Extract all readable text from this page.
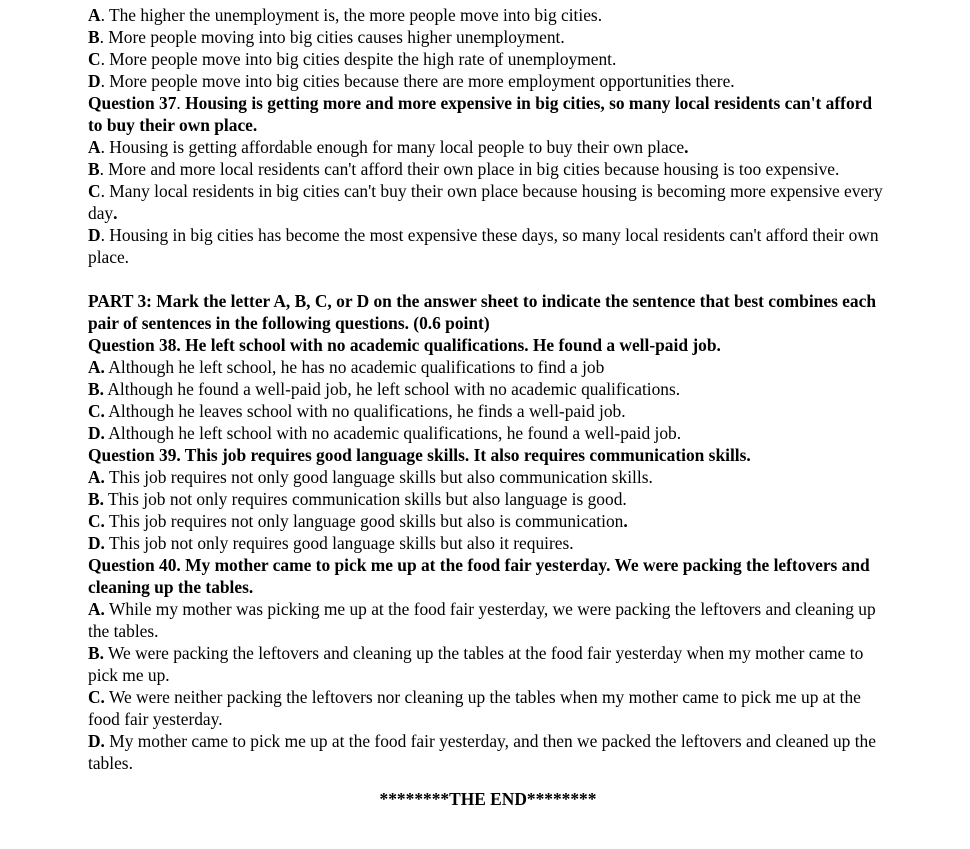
A. The higher the unemployment is, the more people move into big cities.

B. More people moving into big cities causes higher unemployment.

C. More people move into big cities despite the high rate of unemployment.

D. More people move into big cities because there are more employment opportunities there.

Question 37. Housing is getting more and more expensive in big cities, so many local residents can't afford to buy their own place.

A. Housing is getting affordable enough for many local people to buy their own place.

B. More and more local residents can't afford their own place in big cities because housing is too expensive.

C. Many local residents in big cities can't buy their own place because housing is becoming more expensive every day.

D. Housing in big cities has become the most expensive these days, so many local residents can't afford their own place.

PART 3: Mark the letter A, B, C, or D on the answer sheet to indicate the sentence that best combines each pair of sentences in the following questions. (0.6 point)

Question 38. He left school with no academic qualifications. He found a well-paid job.

A. Although he left school, he has no academic qualifications to find a job

B. Although he found a well-paid job, he left school with no academic qualifications.

C. Although he leaves school with no qualifications, he finds a well-paid job.

D. Although he left school with no academic qualifications, he found a well-paid job.

Question 39. This job requires good language skills. It also requires communication skills.

A. This job requires not only good language skills but also communication skills.

B. This job not only requires communication skills but also language is good.

C. This job requires not only language good skills but also is communication.

D. This job not only requires good language skills but also it requires.

Question 40. My mother came to pick me up at the food fair yesterday. We were packing the leftovers and cleaning up the tables.

A. While my mother was picking me up at the food fair yesterday, we were packing the leftovers and cleaning up the tables.

B. We were packing the leftovers and cleaning up the tables at the food fair yesterday when my mother came to pick me up.

C. We were neither packing the leftovers nor cleaning up the tables when my mother came to pick me up at the food fair yesterday.

D. My mother came to pick me up at the food fair yesterday, and then we packed the leftovers and cleaned up the tables.

********THE END********
